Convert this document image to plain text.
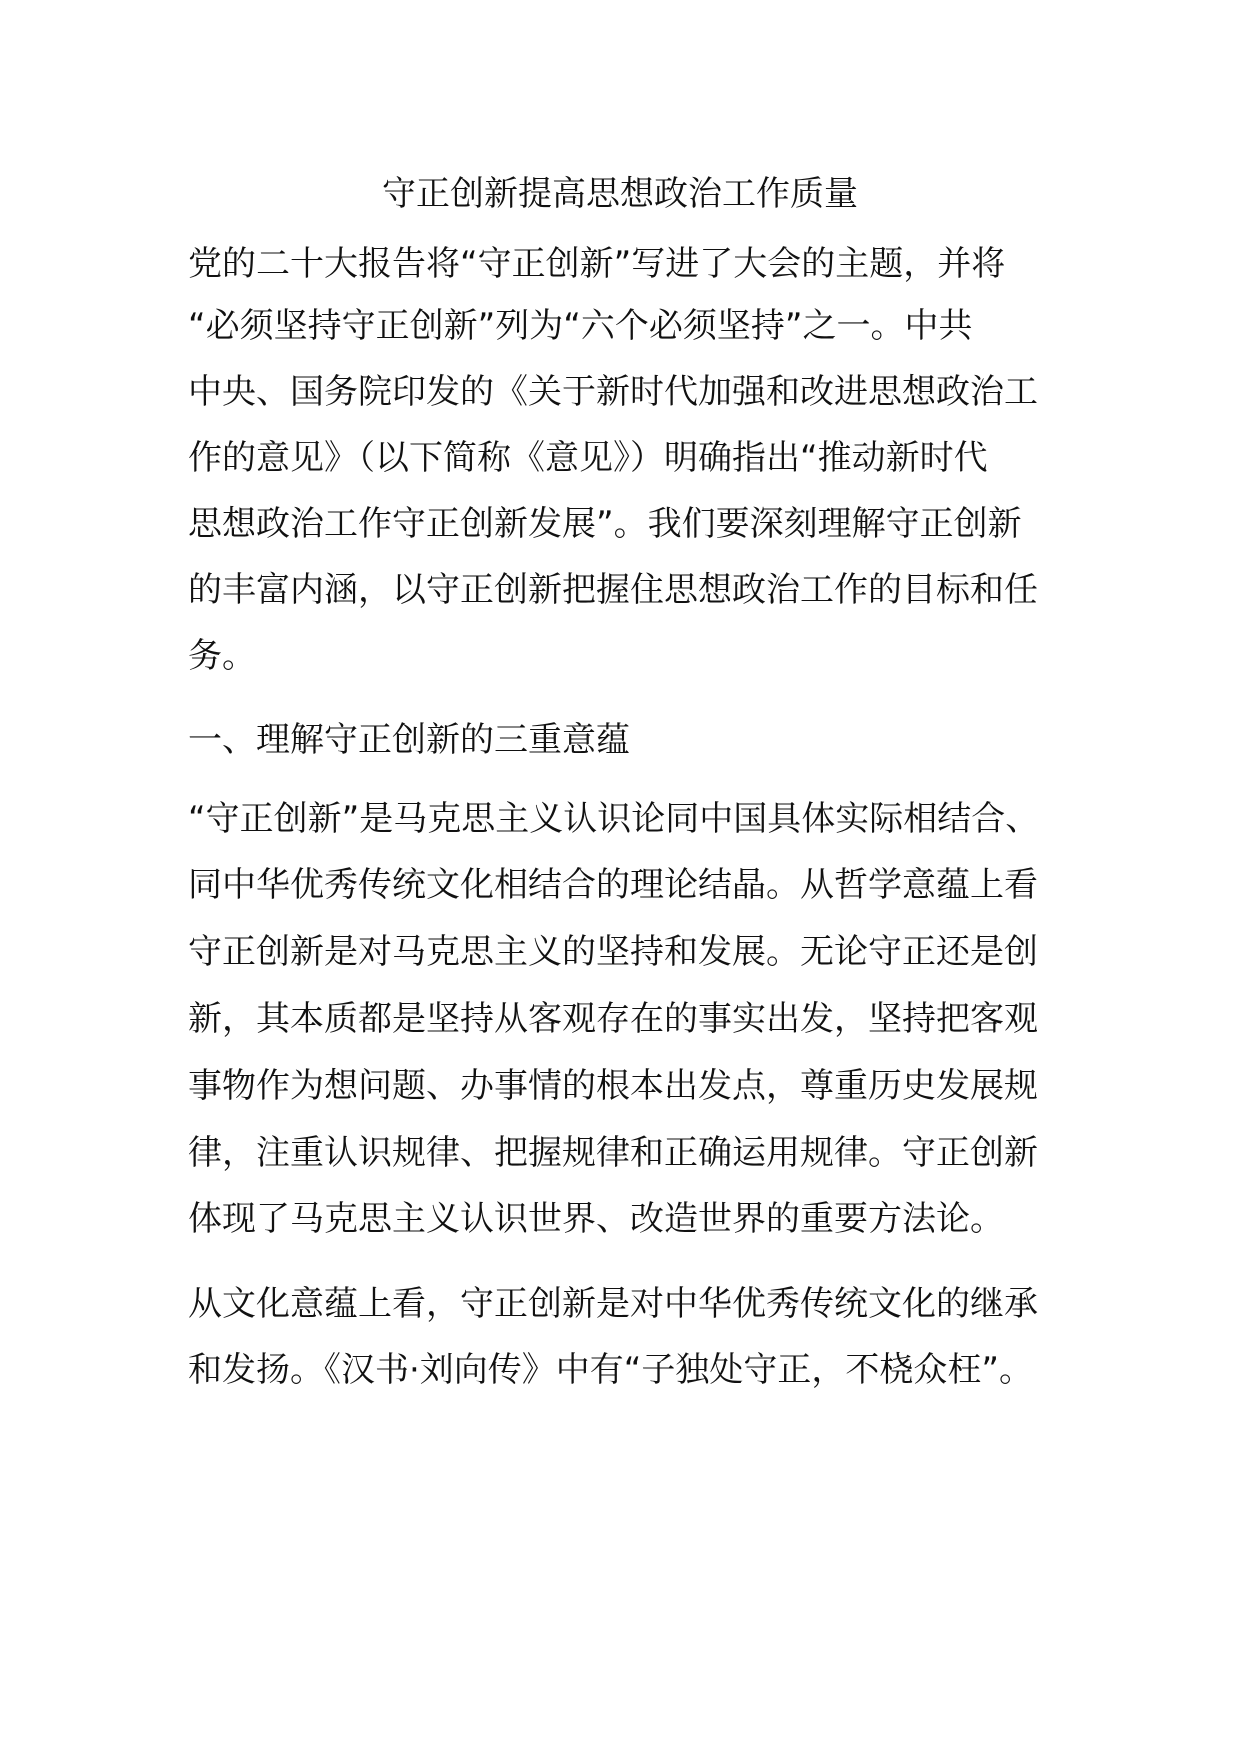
守正创新提高思想政治工作质量

党的二十大报告将“守正创新”写进了大会的主题，并将

“必须坚持守正创新”列为“六个必须坚持”之一。中共

中央、国务院印发的《关于新时代加强和改进思想政治工

作的意见》（以下简称《意见》）明确指出“推动新时代

思想政治工作守正创新发展”。我们要深刻理解守正创新

的丰富内涵，以守正创新把握住思想政治工作的目标和任

务。

一、理解守正创新的三重意蕴

“守正创新”是马克思主义认识论同中国具体实际相结合、

同中华优秀传统文化相结合的理论结晶。从哲学意蕴上看

守正创新是对马克思主义的坚持和发展。无论守正还是创

新，其本质都是坚持从客观存在的事实出发，坚持把客观

事物作为想问题、办事情的根本出发点，尊重历史发展规

律，注重认识规律、把握规律和正确运用规律。守正创新

体现了马克思主义认识世界、改造世界的重要方法论。

从文化意蕴上看，守正创新是对中华优秀传统文化的继承

和发扬。《汉书·刘向传》中有“子独处守正，不桡众枉”。
